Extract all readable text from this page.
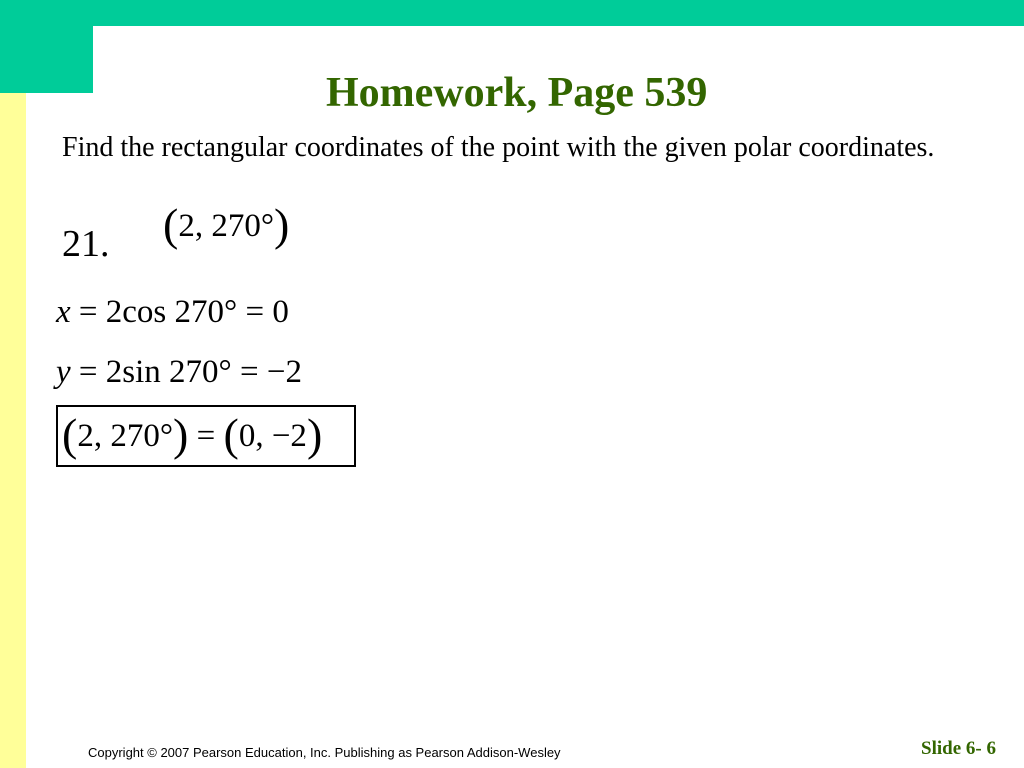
Homework, Page 539

Find the rectangular coordinates of the point with the given polar coordinates.

21. (2, 270°)
x = 2cos 270° = 0
y = 2sin 270° = −2
(2, 270°) = (0, −2)
Copyright © 2007 Pearson Education, Inc. Publishing as Pearson Addison-Wesley	Slide 6- 6
